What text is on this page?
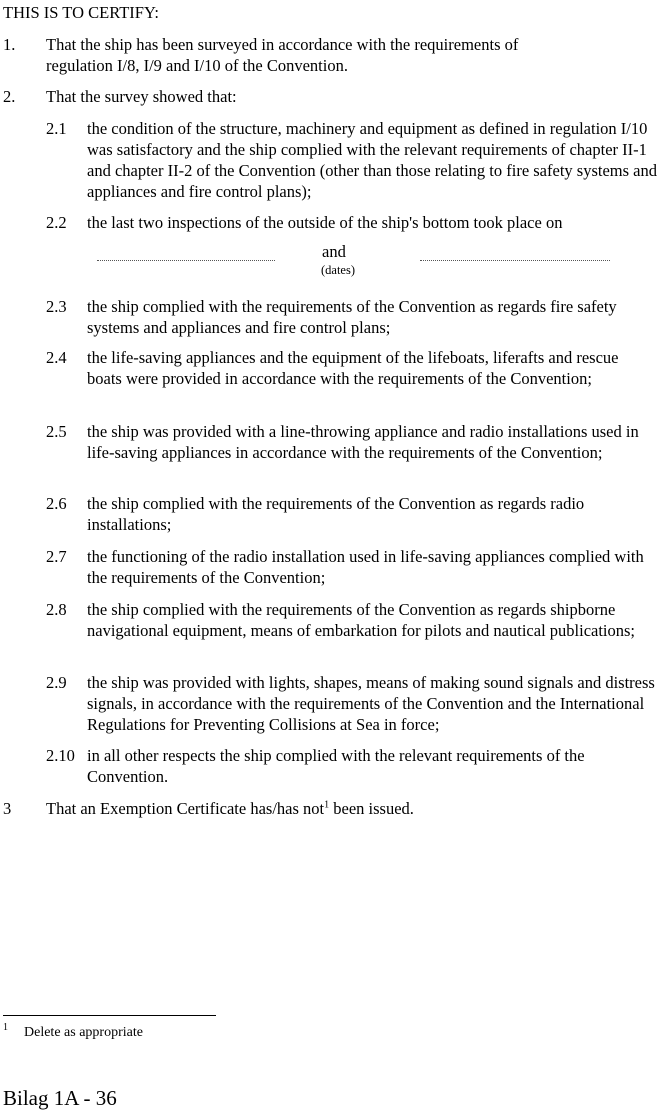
THIS IS TO CERTIFY:
1. That the ship has been surveyed in accordance with the requirements of regulation I/8, I/9 and I/10 of the Convention.
2. That the survey showed that:
2.1 the condition of the structure, machinery and equipment as defined in regulation I/10 was satisfactory and the ship complied with the relevant requirements of chapter II-1 and chapter II-2 of the Convention (other than those relating to fire safety systems and appliances and fire control plans);
2.2 the last two inspections of the outside of the ship's bottom took place on
and
(dates)
2.3 the ship complied with the requirements of the Convention as regards fire safety systems and appliances and fire control plans;
2.4 the life-saving appliances and the equipment of the lifeboats, liferafts and rescue boats were provided in accordance with the requirements of the Convention;
2.5 the ship was provided with a line-throwing appliance and radio installations used in life-saving appliances in accordance with the requirements of the Convention;
2.6 the ship complied with the requirements of the Convention as regards radio installations;
2.7 the functioning of the radio installation used in life-saving appliances complied with the requirements of the Convention;
2.8 the ship complied with the requirements of the Convention as regards shipborne navigational equipment, means of embarkation for pilots and nautical publications;
2.9 the ship was provided with lights, shapes, means of making sound signals and distress signals, in accordance with the requirements of the Convention and the International Regulations for Preventing Collisions at Sea in force;
2.10 in all other respects the ship complied with the relevant requirements of the Convention.
3 That an Exemption Certificate has/has not$^1$ been issued.
1 Delete as appropriate
Bilag 1A - 36
